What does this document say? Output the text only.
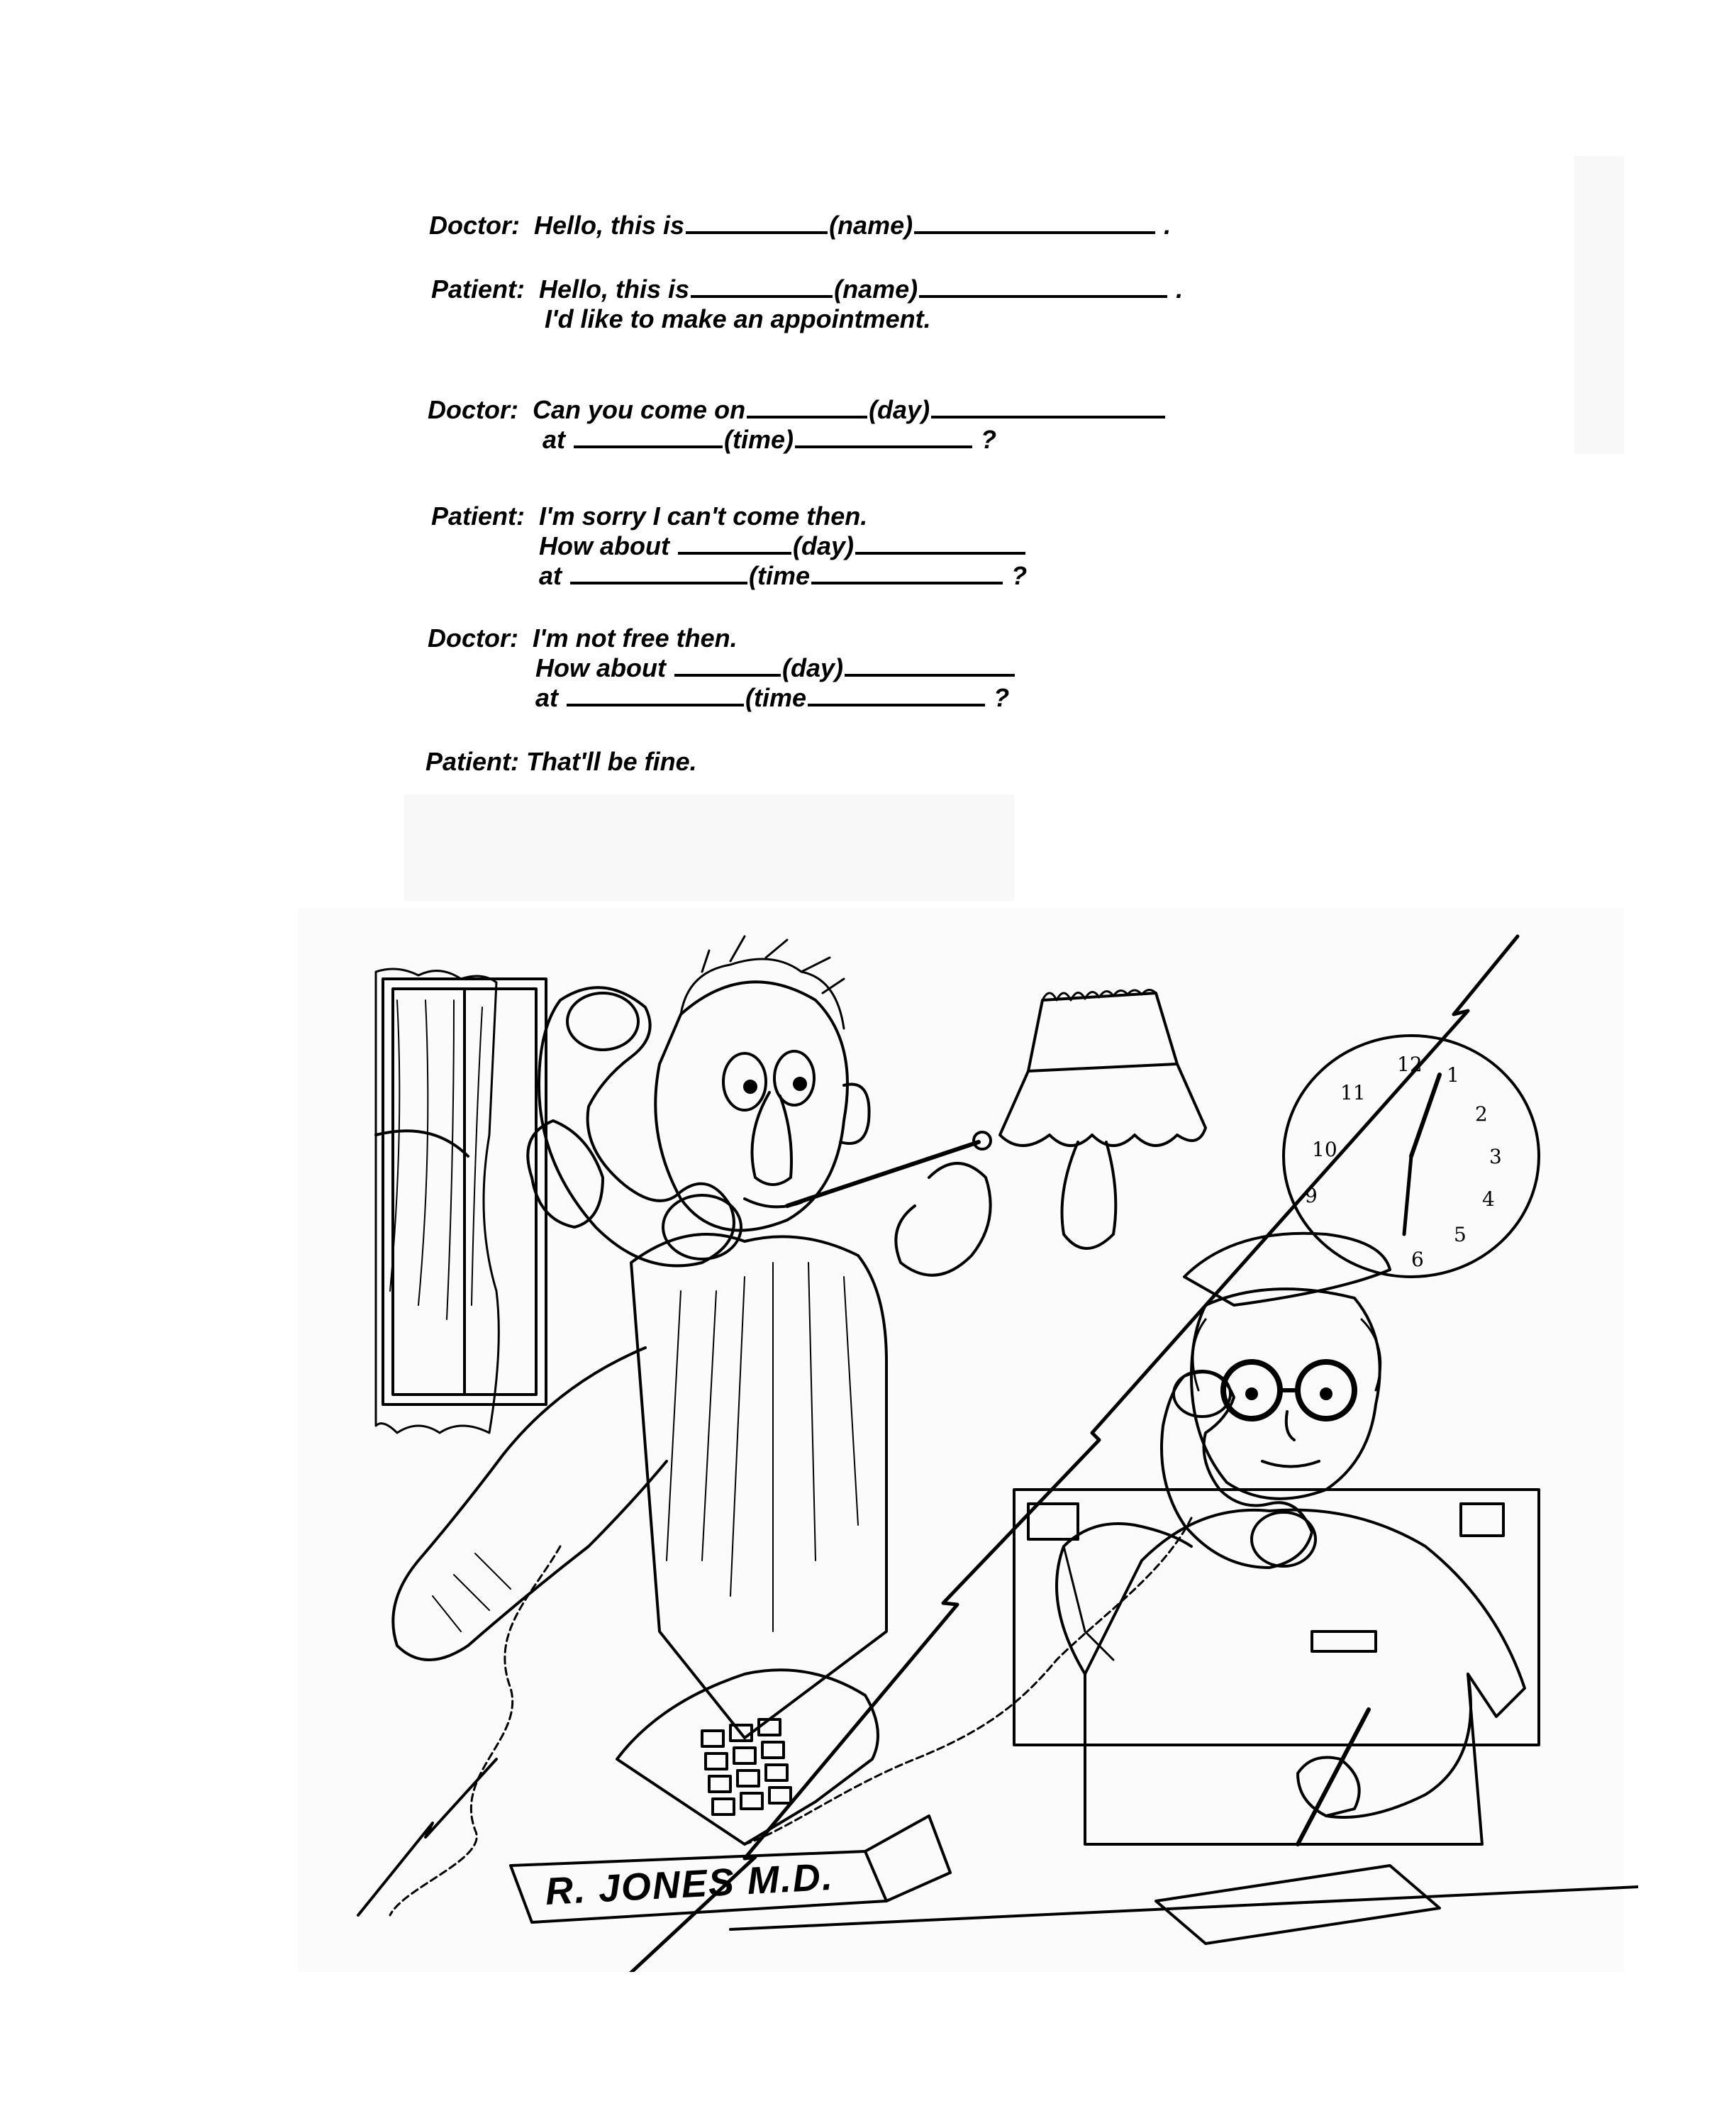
Doctor: Hello, this is	(name)	.
Patient: Hello, this is	(name)	.
I'd like to make an appointment.
Doctor: Can you come on	(day)
at	(time)	?
Patient: I'm sorry I can't come then.
How about	(day)
at	(time	?
Doctor: I'm not free then.
How about	(day)
at	(time	?
Patient: That'll be fine.
R. JONES M.D.
12 1
2
3
4
5
6
9
10
11
